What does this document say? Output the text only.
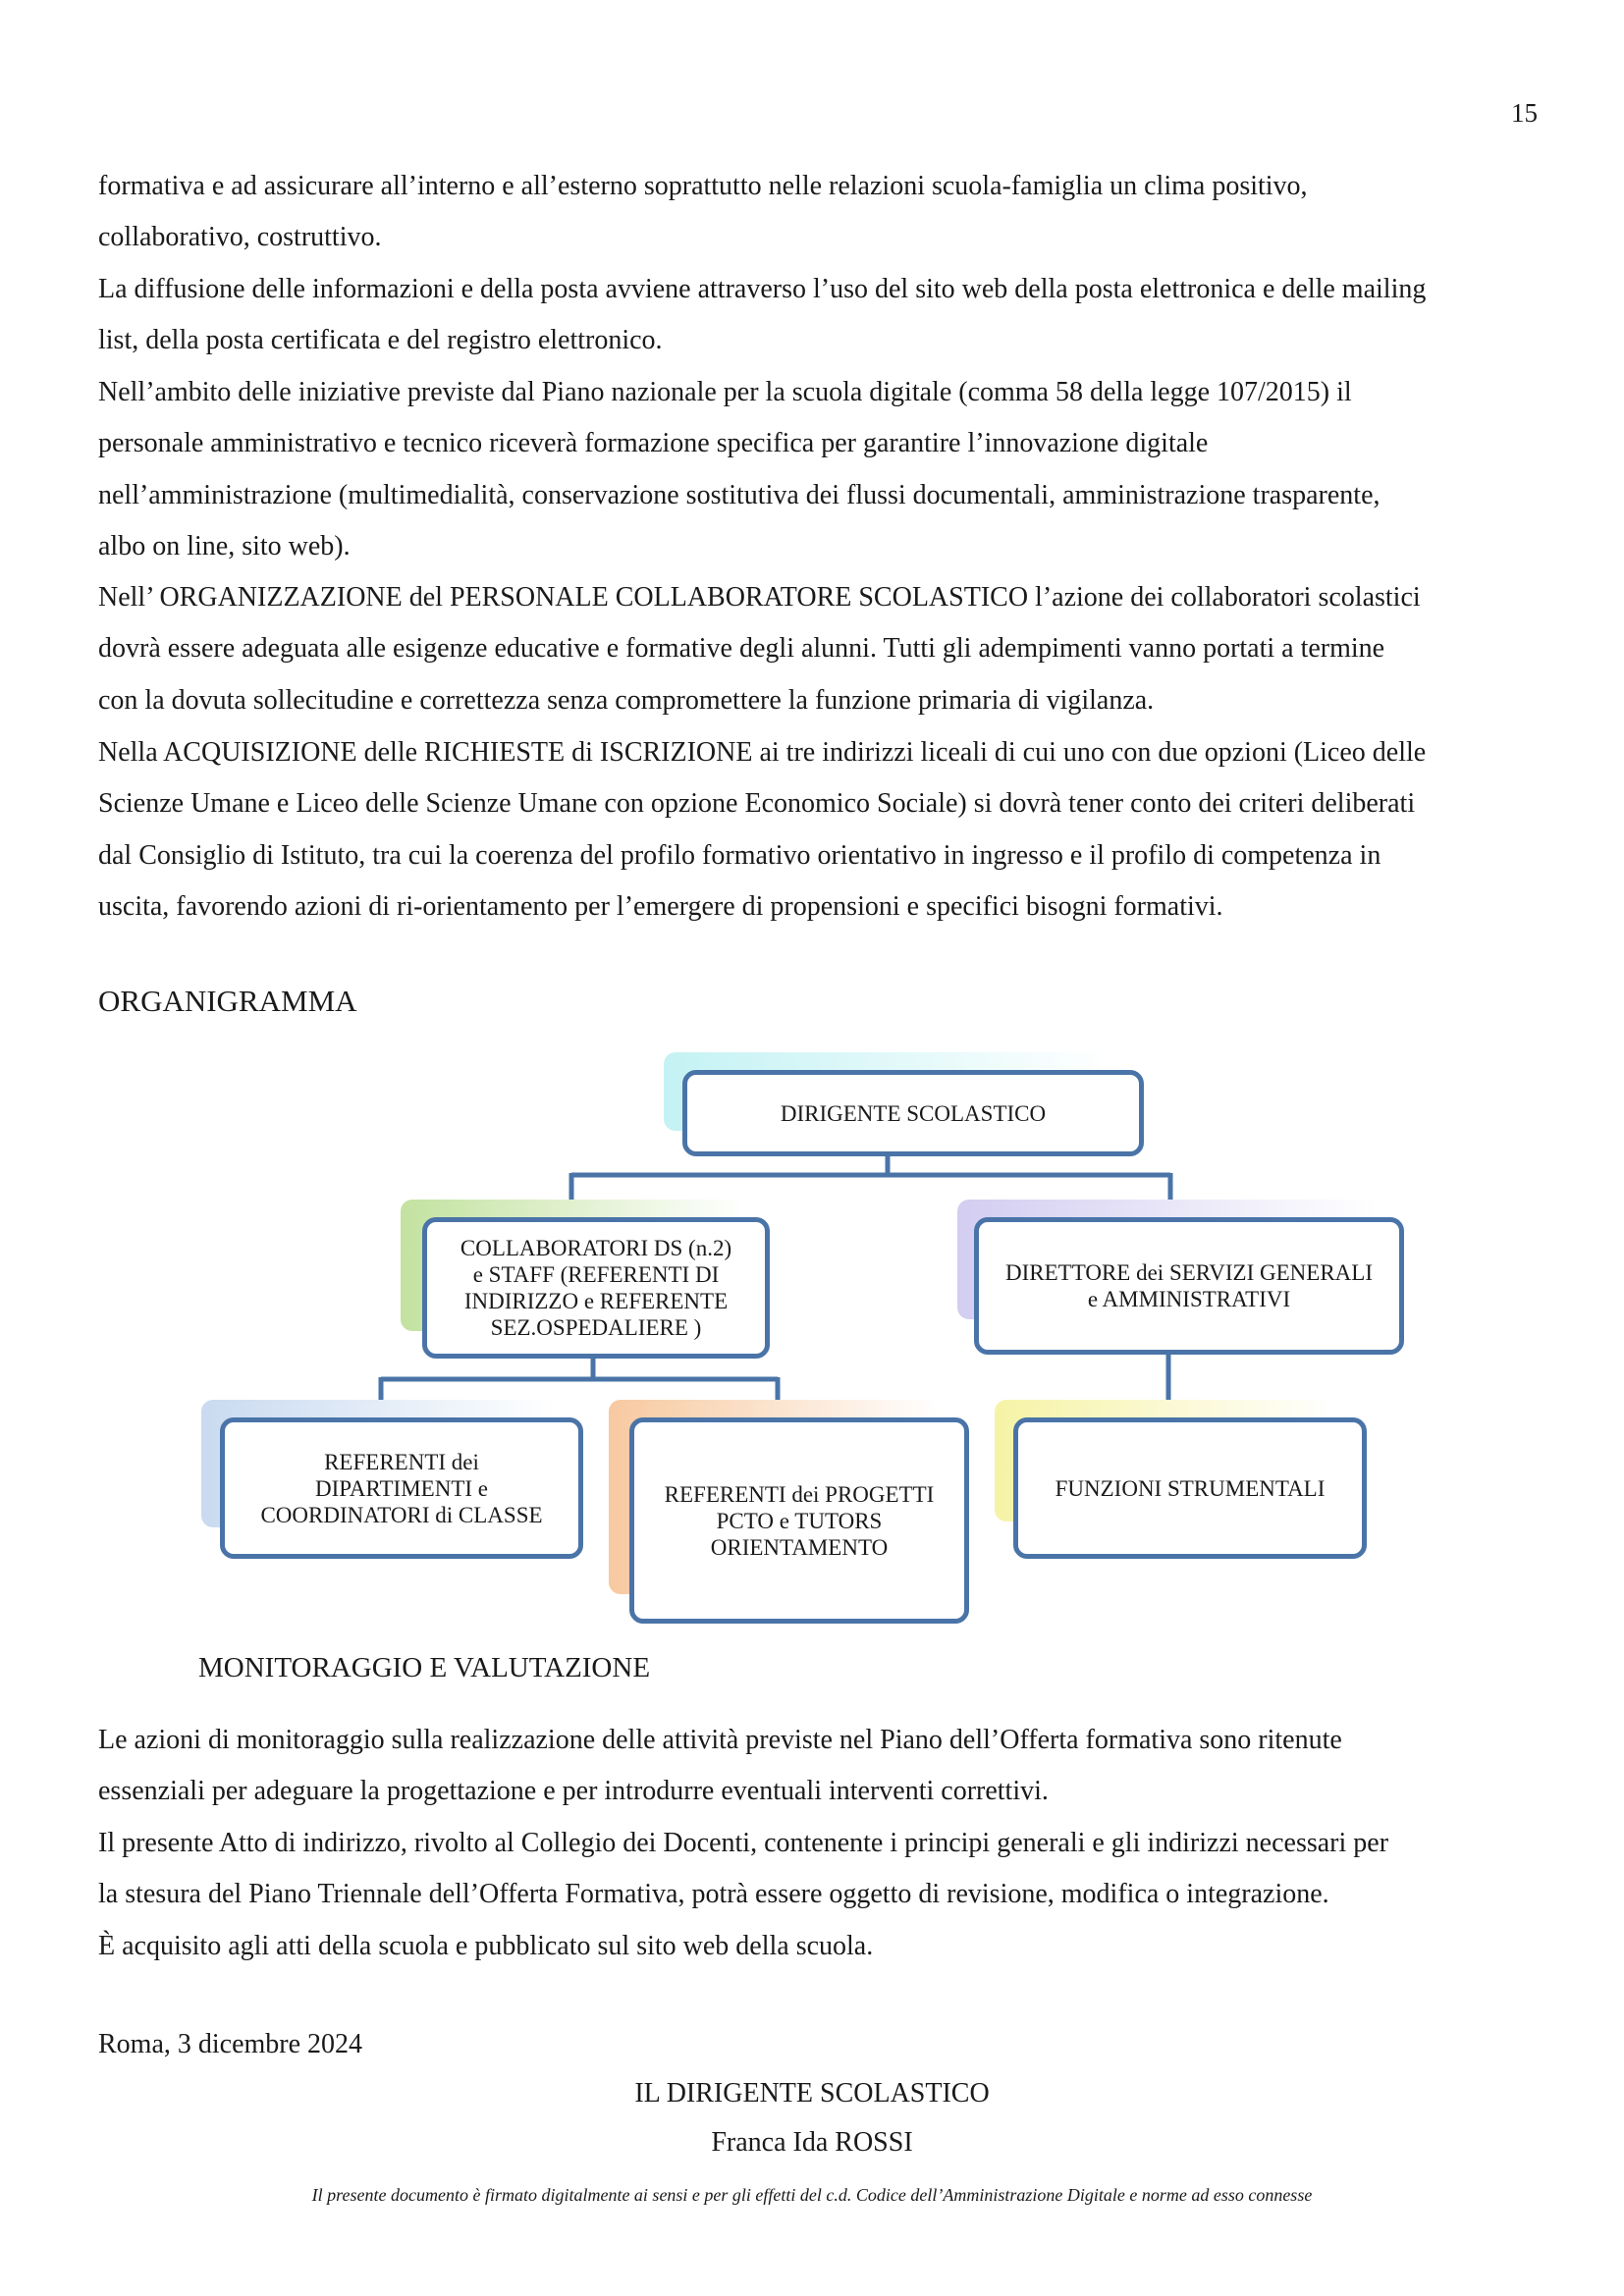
15

formativa e ad assicurare all’interno e all’esterno soprattutto nelle relazioni scuola-famiglia un clima positivo,
collaborativo, costruttivo.

La diffusione delle informazioni e della posta avviene attraverso l’uso del sito web della posta elettronica e delle mailing
list, della posta certificata e del registro elettronico.

Nell’ambito delle iniziative previste dal Piano nazionale per la scuola digitale (comma 58 della legge 107/2015) il
personale amministrativo e tecnico riceverà formazione specifica per garantire l’innovazione digitale
nell’amministrazione (multimedialità, conservazione sostitutiva dei flussi documentali, amministrazione trasparente,
albo on line, sito web).

Nell’ ORGANIZZAZIONE del PERSONALE COLLABORATORE SCOLASTICO l’azione dei collaboratori scolastici
dovrà essere adeguata alle esigenze educative e formative degli alunni. Tutti gli adempimenti vanno portati a termine
con la dovuta sollecitudine e correttezza senza compromettere la funzione primaria di vigilanza.

Nella ACQUISIZIONE delle RICHIESTE di ISCRIZIONE ai tre indirizzi liceali di cui uno con due opzioni (Liceo delle
Scienze Umane e Liceo delle Scienze Umane con opzione Economico Sociale) si dovrà tener conto dei criteri deliberati
dal Consiglio di Istituto, tra cui la coerenza del profilo formativo orientativo in ingresso e il profilo di competenza in
uscita, favorendo azioni di ri-orientamento per l’emergere di propensioni e specifici bisogni formativi.

ORGANIGRAMMA
DIRIGENTE SCOLASTICO
COLLABORATORI DS (n.2)
e STAFF (REFERENTI DI
INDIRIZZO e REFERENTE
SEZ.OSPEDALIERE )
DIRETTORE dei SERVIZI GENERALI
e AMMINISTRATIVI
REFERENTI dei
DIPARTIMENTI e
COORDINATORI di CLASSE
REFERENTI dei PROGETTI
PCTO e TUTORS
ORIENTAMENTO
FUNZIONI STRUMENTALI
MONITORAGGIO E VALUTAZIONE

Le azioni di monitoraggio sulla realizzazione delle attività previste nel Piano dell’Offerta formativa sono ritenute
essenziali per adeguare la progettazione e per introdurre eventuali interventi correttivi.

Il presente Atto di indirizzo, rivolto al Collegio dei Docenti, contenente i principi generali e gli indirizzi necessari per
la stesura del Piano Triennale dell’Offerta Formativa, potrà essere oggetto di revisione, modifica o integrazione.

È acquisito agli atti della scuola e pubblicato sul sito web della scuola.

Roma, 3 dicembre 2024
IL DIRIGENTE SCOLASTICO
Franca Ida ROSSI
Il presente documento è firmato digitalmente ai sensi e per gli effetti del c.d. Codice dell’Amministrazione Digitale e norme ad esso connesse
